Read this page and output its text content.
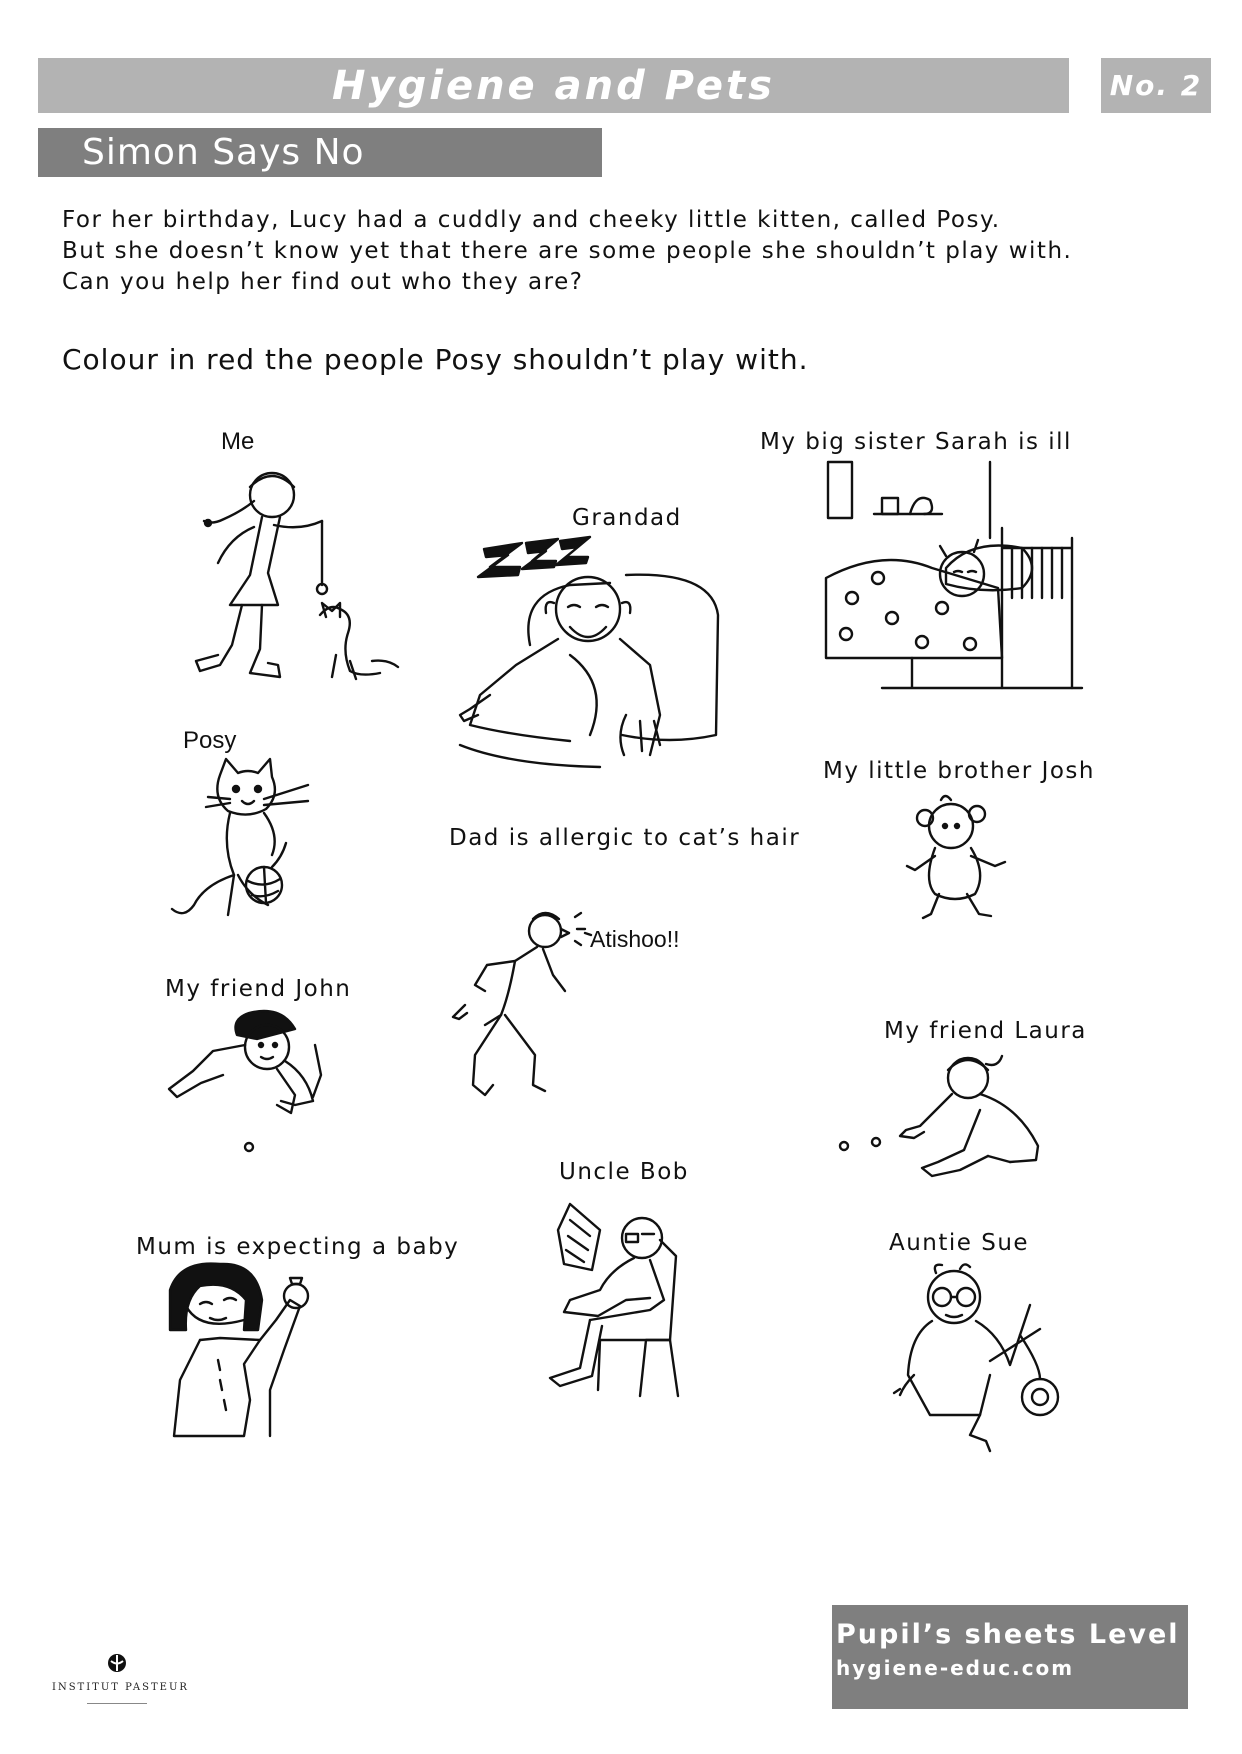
Hygiene and Pets	No. 2
Simon Says No
For her birthday, Lucy had a cuddly and cheeky little kitten, called Posy.
But she doesn’t know yet that there are some people she shouldn’t play with.
Can you help her find out who they are?
Colour in red the people Posy shouldn’t play with.
Me
Grandad
My big sister Sarah is ill
Posy
My little brother Josh
Dad is allergic to cat’s hair
Atishoo!!
My friend John
My friend Laura
Uncle Bob
Mum is expecting a baby	Auntie Sue
INSTITUT PASTEUR
Pupil’s sheets Level 1
hygiene-educ.com
